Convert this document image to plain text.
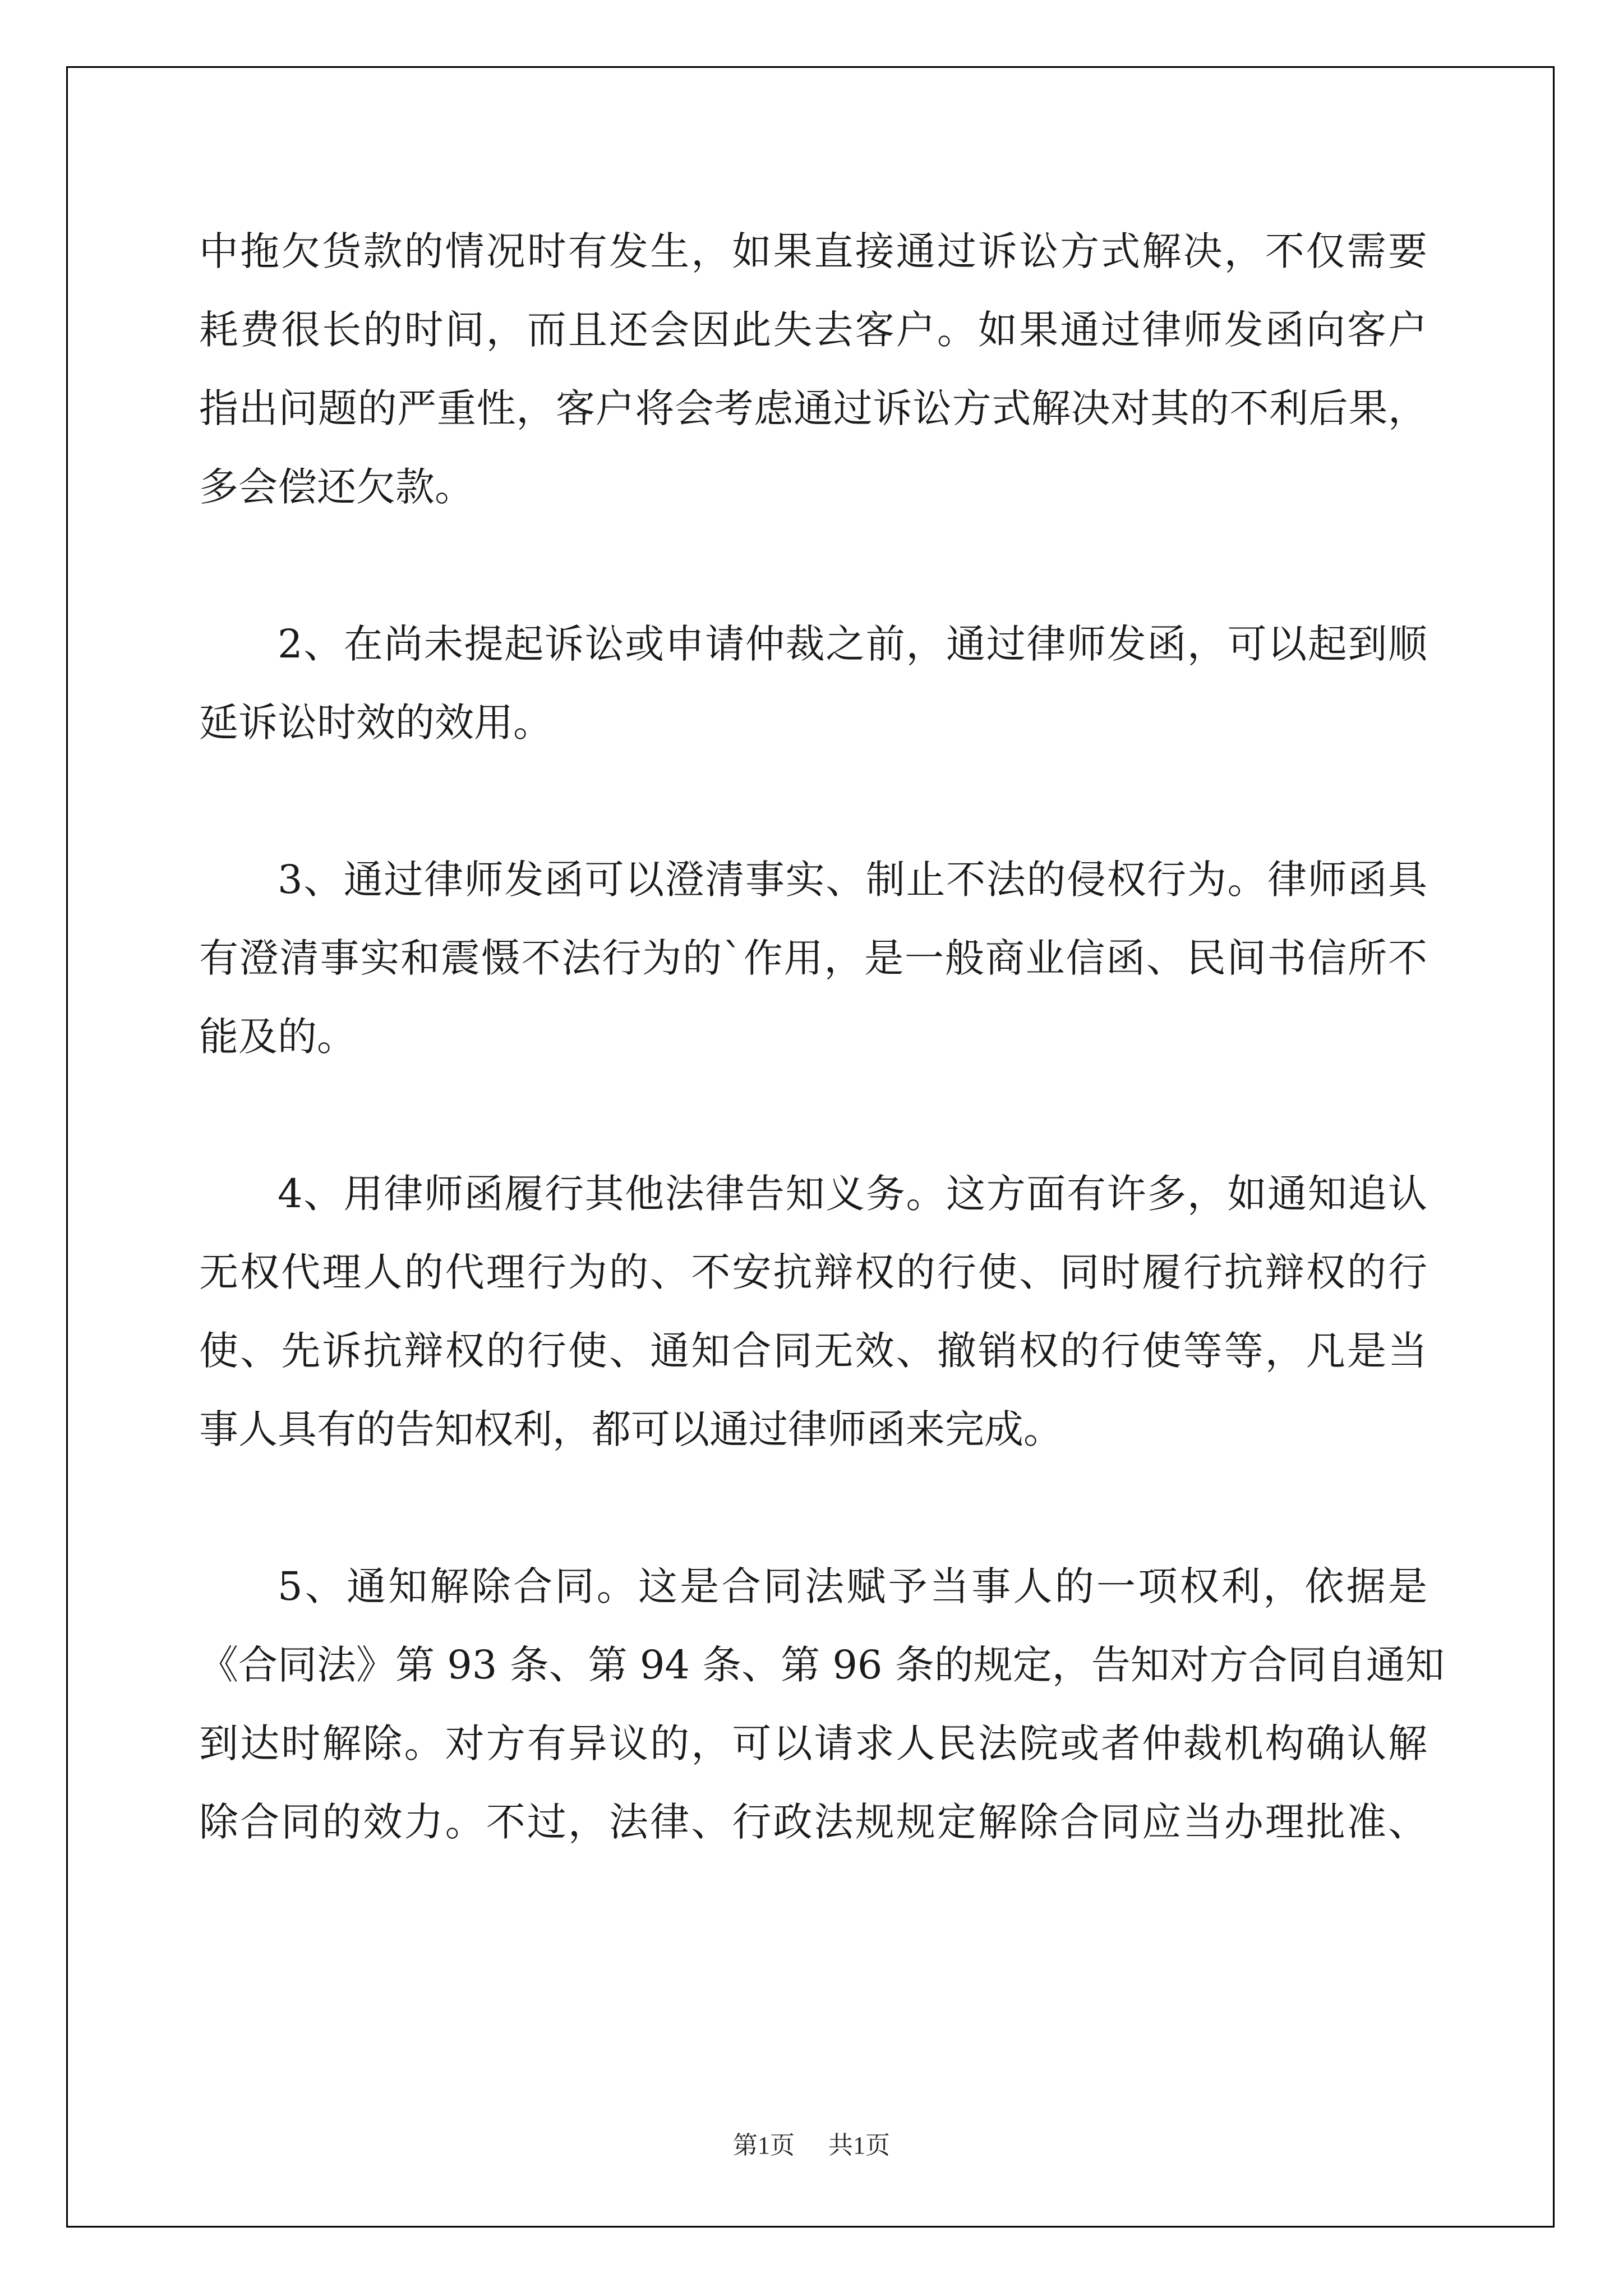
中拖欠货款的情况时有发生，如果直接通过诉讼方式解决，不仅需要
耗费很长的时间，而且还会因此失去客户。如果通过律师发函向客户
指出问题的严重性，客户将会考虑通过诉讼方式解决对其的不利后果，
多会偿还欠款。
2、在尚未提起诉讼或申请仲裁之前，通过律师发函，可以起到顺
延诉讼时效的效用。
3、通过律师发函可以澄清事实、制止不法的侵权行为。律师函具
有澄清事实和震慑不法行为的`作用，是一般商业信函、民间书信所不
能及的。
4、用律师函履行其他法律告知义务。这方面有许多，如通知追认
无权代理人的代理行为的、不安抗辩权的行使、同时履行抗辩权的行
使、先诉抗辩权的行使、通知合同无效、撤销权的行使等等，凡是当
事人具有的告知权利，都可以通过律师函来完成。
5、通知解除合同。这是合同法赋予当事人的一项权利，依据是
《合同法》第 93 条、第 94 条、第 96 条的规定，告知对方合同自通知
到达时解除。对方有异议的，可以请求人民法院或者仲裁机构确认解
除合同的效力。不过，法律、行政法规规定解除合同应当办理批准、
第1页 共1页
